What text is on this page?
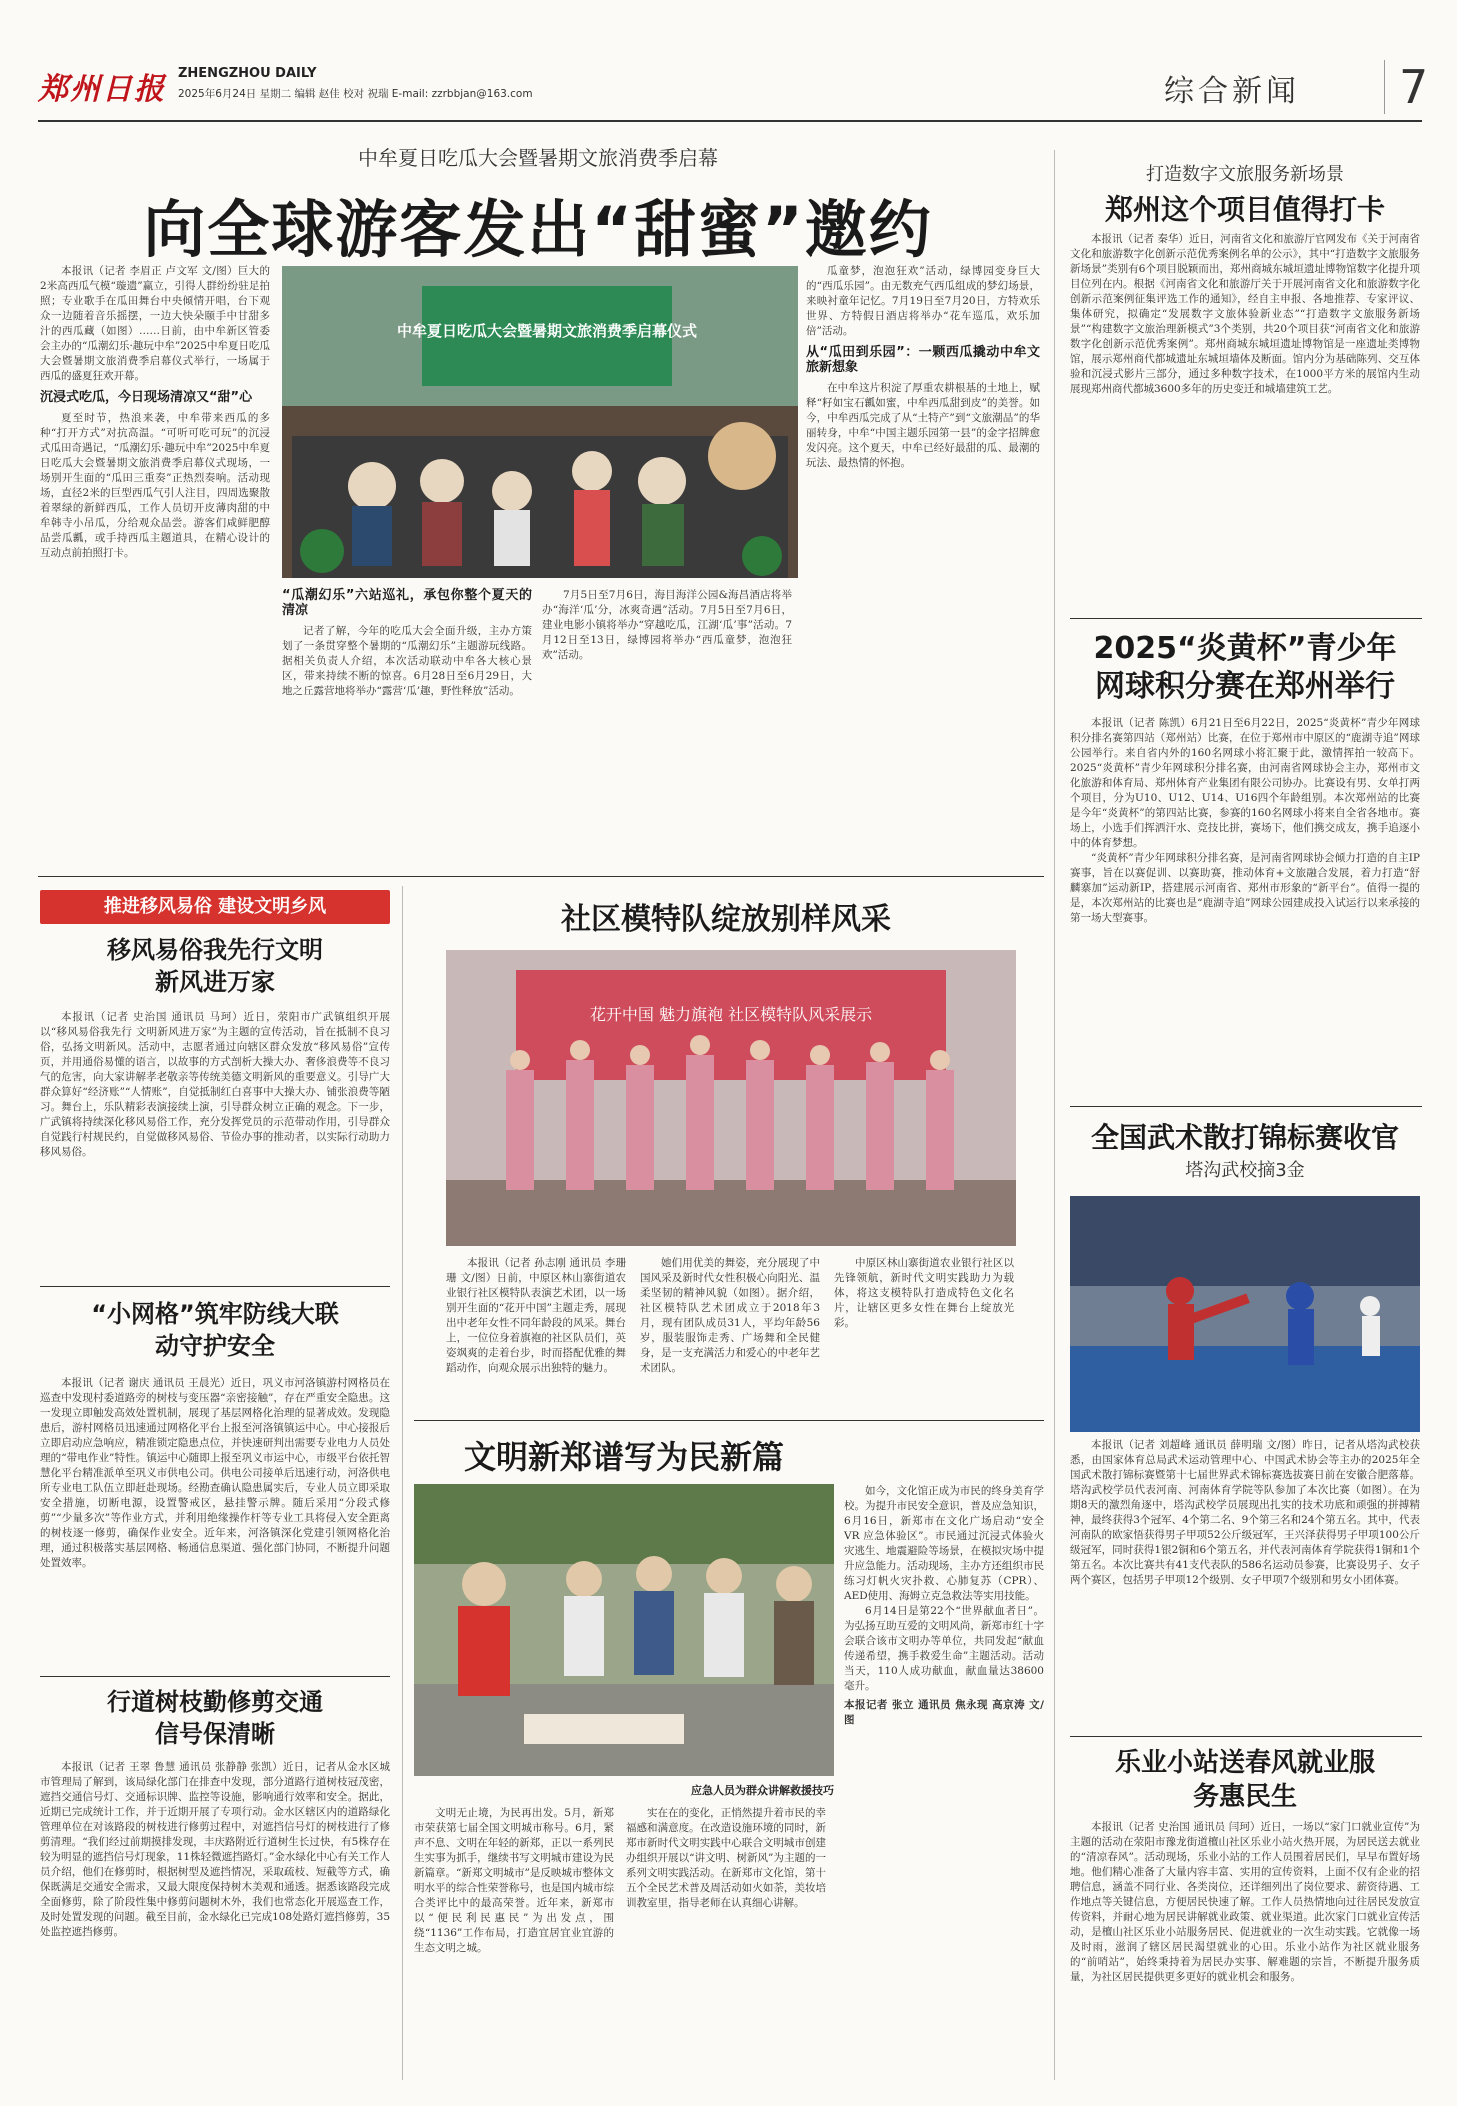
郑州日报 ZHENGZHOU DAILY
2025年6月24日 星期二 编辑 赵佳 校对 祝瑞 E-mail: zzrbbjan@163.com	综合新闻	7
中牟夏日吃瓜大会暨暑期文旅消费季启幕
向全球游客发出“甜蜜”邀约

本报讯（记者 李眉正 卢文军 文/图）巨大的2米高西瓜气模“璇遗”赢立，引得人群纷纷驻足拍照；专业歌手在瓜田舞台中央倾情开唱，台下观众一边随着音乐摇摆，一边大快朵颐手中甘甜多汁的西瓜藏（如图）……日前，由中牟新区管委会主办的“瓜潮幻乐·趣玩中牟”2025中牟夏日吃瓜大会暨暑期文旅消费季启幕仪式举行，一场属于西瓜的盛夏狂欢开幕。

沉浸式吃瓜，今日现场清凉又“甜”心

夏至时节，热浪来袭，中牟带来西瓜的多种“打开方式”对抗高温。“可听可吃可玩”的沉浸式瓜田奇遇记，“瓜潮幻乐·趣玩中牟”2025中牟夏日吃瓜大会暨暑期文旅消费季启幕仪式现场，一场别开生面的“瓜田三重奏”正热烈奏响。活动现场，直径2米的巨型西瓜气引人注目，四周选聚散着翠绿的新鲜西瓜，工作人员切开皮薄肉甜的中牟韩寺小吊瓜，分给观众品尝。游客们咸鲜肥醇品尝瓜瓤，或手持西瓜主题道具，在精心设计的互动点前拍照打卡。

中牟夏日吃瓜大会暨暑期文旅消费季启幕仪式
“瓜潮幻乐”六站巡礼，承包你整个夏天的清凉

记者了解，今年的吃瓜大会全面升级，主办方策划了一条贯穿整个暑期的“瓜潮幻乐”主题游玩线路。据相关负责人介绍，本次活动联动中牟各大核心景区，带来持续不断的惊喜。6月28日至6月29日，大地之丘露营地将举办“露营‘瓜’趣，野性释放”活动。

7月5日至7月6日，海目海洋公园&海昌酒店将举办“海洋‘瓜’分，冰爽奇遇”活动。7月5日至7月6日，建业电影小镇将举办“穿越吃瓜，江湖‘瓜’事”活动。7月12日至13日，绿博园将举办“西瓜童梦，泡泡狂欢”活动。

瓜童梦，泡泡狂欢”活动，绿博园变身巨大的“西瓜乐园”。由无数充气西瓜组成的梦幻场景，来映衬童年记忆。7月19日至7月20日，方特欢乐世界、方特假日酒店将举办“花车巡瓜，欢乐加倍”活动。

从“瓜田到乐园”：一颗西瓜撬动中牟文旅新想象

在中牟这片积淀了厚重农耕根基的土地上，赋释“籽如宝石瓤如蜜，中牟西瓜甜到皮”的美誉。如今，中牟西瓜完成了从“土特产”到“文旅潮品”的华丽转身，中牟“中国主题乐园第一县”的金字招牌愈发闪亮。这个夏天，中牟已经好最甜的瓜、最潮的玩法、最热情的怀抱。

打造数字文旅服务新场景
郑州这个项目值得打卡

本报讯（记者 秦华）近日，河南省文化和旅游厅官网发布《关于河南省文化和旅游数字化创新示范优秀案例名单的公示》，其中“打造数字文旅服务新场景”类别有6个项目脱颖而出，郑州商城东城垣遗址博物馆数字化提升项目位列在内。根据《河南省文化和旅游厅关于开展河南省文化和旅游数字化创新示范案例征集评选工作的通知》，经自主申报、各地推荐、专家评议、集体研究，拟确定“发展数字文旅体验新业态”“打造数字文旅服务新场景”“构建数字文旅治理新模式”3个类别，共20个项目获“河南省文化和旅游数字化创新示范优秀案例”。郑州商城东城垣遗址博物馆是一座遗址类博物馆，展示郑州商代都城遗址东城垣墙体及断面。馆内分为基础陈列、交互体验和沉浸式影片三部分，通过多种数字技术，在1000平方米的展馆内生动展现郑州商代都城3600多年的历史变迁和城墙建筑工艺。

2025“炎黄杯”青少年网球积分赛在郑州举行

本报讯（记者 陈凯）6月21日至6月22日，2025“炎黄杯”青少年网球积分排名赛第四站（郑州站）比赛，在位于郑州市中原区的“鹿湖寺追”网球公园举行。来自省内外的160名网球小将汇聚于此，激情挥拍一较高下。2025“炎黄杯”青少年网球积分排名赛，由河南省网球协会主办，郑州市文化旅游和体育局、郑州体育产业集团有限公司协办。比赛设有男、女单打两个项目，分为U10、U12、U14、U16四个年龄组别。本次郑州站的比赛是今年“炎黄杯”的第四站比赛，参赛的160名网球小将来自全省各地市。赛场上，小选手们挥洒汗水、竞技比拼，赛场下，他们携交成友，携手追逐小中的体育梦想。

“炎黄杯”青少年网球积分排名赛，是河南省网球协会倾力打造的自主IP赛事，旨在以赛促训、以赛助赛，推动体育+文旅融合发展，着力打造“舒麟寨加”运动新IP，搭建展示河南省、郑州市形象的“新平台”。值得一提的是，本次郑州站的比赛也是“鹿湖寺追”网球公园建成投入试运行以来承接的第一场大型赛事。

全国武术散打锦标赛收官
塔沟武校摘3金

本报讯（记者 刘超峰 通讯员 薛明瑞 文/图）昨日，记者从塔沟武校获悉，由国家体育总局武术运动管理中心、中国武术协会等主办的2025年全国武术散打锦标赛暨第十七届世界武术锦标赛选拔赛日前在安徽合肥落幕。塔沟武校学员代表河南、河南体育学院等队参加了本次比赛（如图）。在为期8天的激烈角逐中，塔沟武校学员展现出扎实的技术功底和顽强的拼搏精神，最终获得3个冠军、4个第二名、9个第三名和24个第五名。其中，代表河南队的欧家悟获得男子甲项52公斤级冠军，王兴泽获得男子甲项100公斤级冠军，同时获得1银2铜和6个第五名，并代表河南体育学院获得1铜和1个第五名。本次比赛共有41支代表队的586名运动员参赛，比赛设男子、女子两个赛区，包括男子甲项12个级别、女子甲项7个级别和男女小团体赛。

乐业小站送春风就业服务惠民生

本报讯（记者 史治国 通讯员 闫珂）近日，一场以“家门口就业宣传”为主题的活动在荥阳市豫龙街道檀山社区乐业小站火热开展，为居民送去就业的“清凉春风”。活动现场，乐业小站的工作人员围着居民们，早早布置好场地。他们精心准备了大量内容丰富、实用的宣传资料，上面不仅有企业的招聘信息，涵盖不同行业、各类岗位，还详细列出了岗位要求、薪资待遇、工作地点等关键信息，方便居民快速了解。工作人员热情地向过往居民发放宣传资料，并耐心地为居民讲解就业政策、就业渠道。此次家门口就业宣传活动，是檀山社区乐业小站服务居民、促进就业的一次生动实践。它就像一场及时雨，滋润了辖区居民渴望就业的心田。乐业小站作为社区就业服务的“前哨站”，始终秉持着为居民办实事、解难题的宗旨，不断提升服务质量，为社区居民提供更多更好的就业机会和服务。

推进移风易俗 建设文明乡风
移风易俗我先行文明新风进万家

本报讯（记者 史治国 通讯员 马珂）近日，荥阳市广武镇组织开展以“移风易俗我先行 文明新风进万家”为主题的宣传活动，旨在抵制不良习俗，弘扬文明新风。活动中，志愿者通过向辖区群众发放“移风易俗”宣传页，并用通俗易懂的语言，以故事的方式剖析大操大办、奢侈浪费等不良习气的危害，向大家讲解孝老敬亲等传统美德文明新风的重要意义。引导广大群众算好“经济账”“人情账”，自觉抵制红白喜事中大操大办、铺张浪费等陋习。舞台上，乐队精彩表演接续上演，引导群众树立正确的观念。下一步，广武镇将持续深化移风易俗工作，充分发挥党员的示范带动作用，引导群众自觉践行村规民约，自觉做移风易俗、节俭办事的推动者，以实际行动助力移风易俗。

“小网格”筑牢防线大联动守护安全

本报讯（记者 谢庆 通讯员 王晨光）近日，巩义市河洛镇游村网格员在巡查中发现村委道路旁的树枝与变压器“亲密接触”，存在严重安全隐患。这一发现立即触发高效处置机制，展现了基层网格化治理的显著成效。发现隐患后，游村网格员迅速通过网格化平台上报至河洛镇镇运中心。中心接报后立即启动应急响应，精准锁定隐患点位，并快速研判出需要专业电力人员处理的“带电作业”特性。镇运中心随即上报至巩义市运中心，市级平台依托智慧化平台精准派单至巩义市供电公司。供电公司接单后迅速行动，河洛供电所专业电工队伍立即赶赴现场。经勘查确认隐患属实后，专业人员立即采取安全措施，切断电源，设置警戒区，悬挂警示牌。随后采用“分段式修剪”“少量多次”等作业方式，并利用绝缘操作杆等专业工具将侵入安全距离的树枝逐一修剪，确保作业安全。近年来，河洛镇深化党建引领网格化治理，通过积极落实基层网格、畅通信息渠道、强化部门协同，不断提升问题处置效率。

行道树枝勤修剪交通信号保清晰

本报讯（记者 王翠 鲁慧 通讯员 张静静 张凯）近日，记者从金水区城市管理局了解到，该局绿化部门在排查中发现，部分道路行道树枝冠茂密，遮挡交通信号灯、交通标识牌、监控等设施，影响通行效率和安全。据此，近期已完成统计工作，并于近期开展了专项行动。金水区辖区内的道路绿化管理单位在对该路段的树枝进行修剪过程中，对遮挡信号灯的树枝进行了修剪清理。“我们经过前期摸排发现，丰庆路附近行道树生长过快，有5株存在较为明显的遮挡信号灯现象，11株轻微遮挡路灯。”金水绿化中心有关工作人员介绍，他们在修剪时，根据树型及遮挡情况，采取疏枝、短截等方式，确保既满足交通安全需求，又最大限度保持树木美观和通透。据悉该路段完成全面修剪，除了阶段性集中修剪问题树木外，我们也常态化开展巡查工作，及时处置发现的问题。截至目前，金水绿化已完成108处路灯遮挡修剪，35处监控遮挡修剪。

社区模特队绽放别样风采
花开中国 魅力旗袍 社区模特队风采展示

本报讯（记者 孙志刚 通讯员 李珊珊 文/图）日前，中原区林山寨街道农业银行社区模特队表演艺术团，以一场别开生面的“花开中国”主题走秀，展现出中老年女性不同年龄段的风采。舞台上，一位位身着旗袍的社区队员们，英姿飒爽的走着台步，时而搭配优雅的舞蹈动作，向观众展示出独特的魅力。

她们用优美的舞姿，充分展现了中国风采及新时代女性积极心向阳光、温柔坚韧的精神风貌（如图）。据介绍，社区模特队艺术团成立于2018年3月，现有团队成员31人，平均年龄56岁，服装服饰走秀、广场舞和全民健身，是一支充满活力和爱心的中老年艺术团队。

中原区林山寨街道农业银行社区以先锋领航，新时代文明实践助力为载体，将这支模特队打造成特色文化名片，让辖区更多女性在舞台上绽放光彩。

文明新郑谱写为民新篇
应急人员为群众讲解救援技巧

文明无止境，为民再出发。5月，新郑市荣获第七届全国文明城市称号。6月，紧声不息、文明在年轻的新郑，正以一系列民生实事为抓手，继续书写文明城市建设为民新篇章。“新郑文明城市”是反映城市整体文明水平的综合性荣誉称号，也是国内城市综合类评比中的最高荣誉。近年来，新郑市以“便民利民惠民”为出发点，围绕“1136”工作布局，打造宜居宜业宜游的生态文明之城。

实在在的变化，正悄然提升着市民的幸福感和满意度。在改造设施环境的同时，新郑市新时代文明实践中心联合文明城市创建办组织开展以“讲文明、树新风”为主题的一系列文明实践活动。在新郑市文化馆，第十五个全民艺术普及周活动如火如荼，美妆培训教室里，指导老师在认真细心讲解。

如今，文化馆正成为市民的终身美育学校。为提升市民安全意识，普及应急知识，6月16日，新郑市在文化广场启动“安全 VR 应急体验区”。市民通过沉浸式体验火灾逃生、地震避险等场景，在模拟灾场中提升应急能力。活动现场，主办方还组织市民练习灯帆火灾扑救、心肺复苏（CPR）、AED使用、海姆立克急救法等实用技能。

6月14日是第22个“世界献血者日”。为弘扬互助互爱的文明风尚，新郑市红十字会联合该市文明办等单位，共同发起“献血传递希望，携手救爱生命”主题活动。活动当天，110人成功献血，献血量达38600毫升。

本报记者 张立 通讯员 焦永现 高京涛 文/图
